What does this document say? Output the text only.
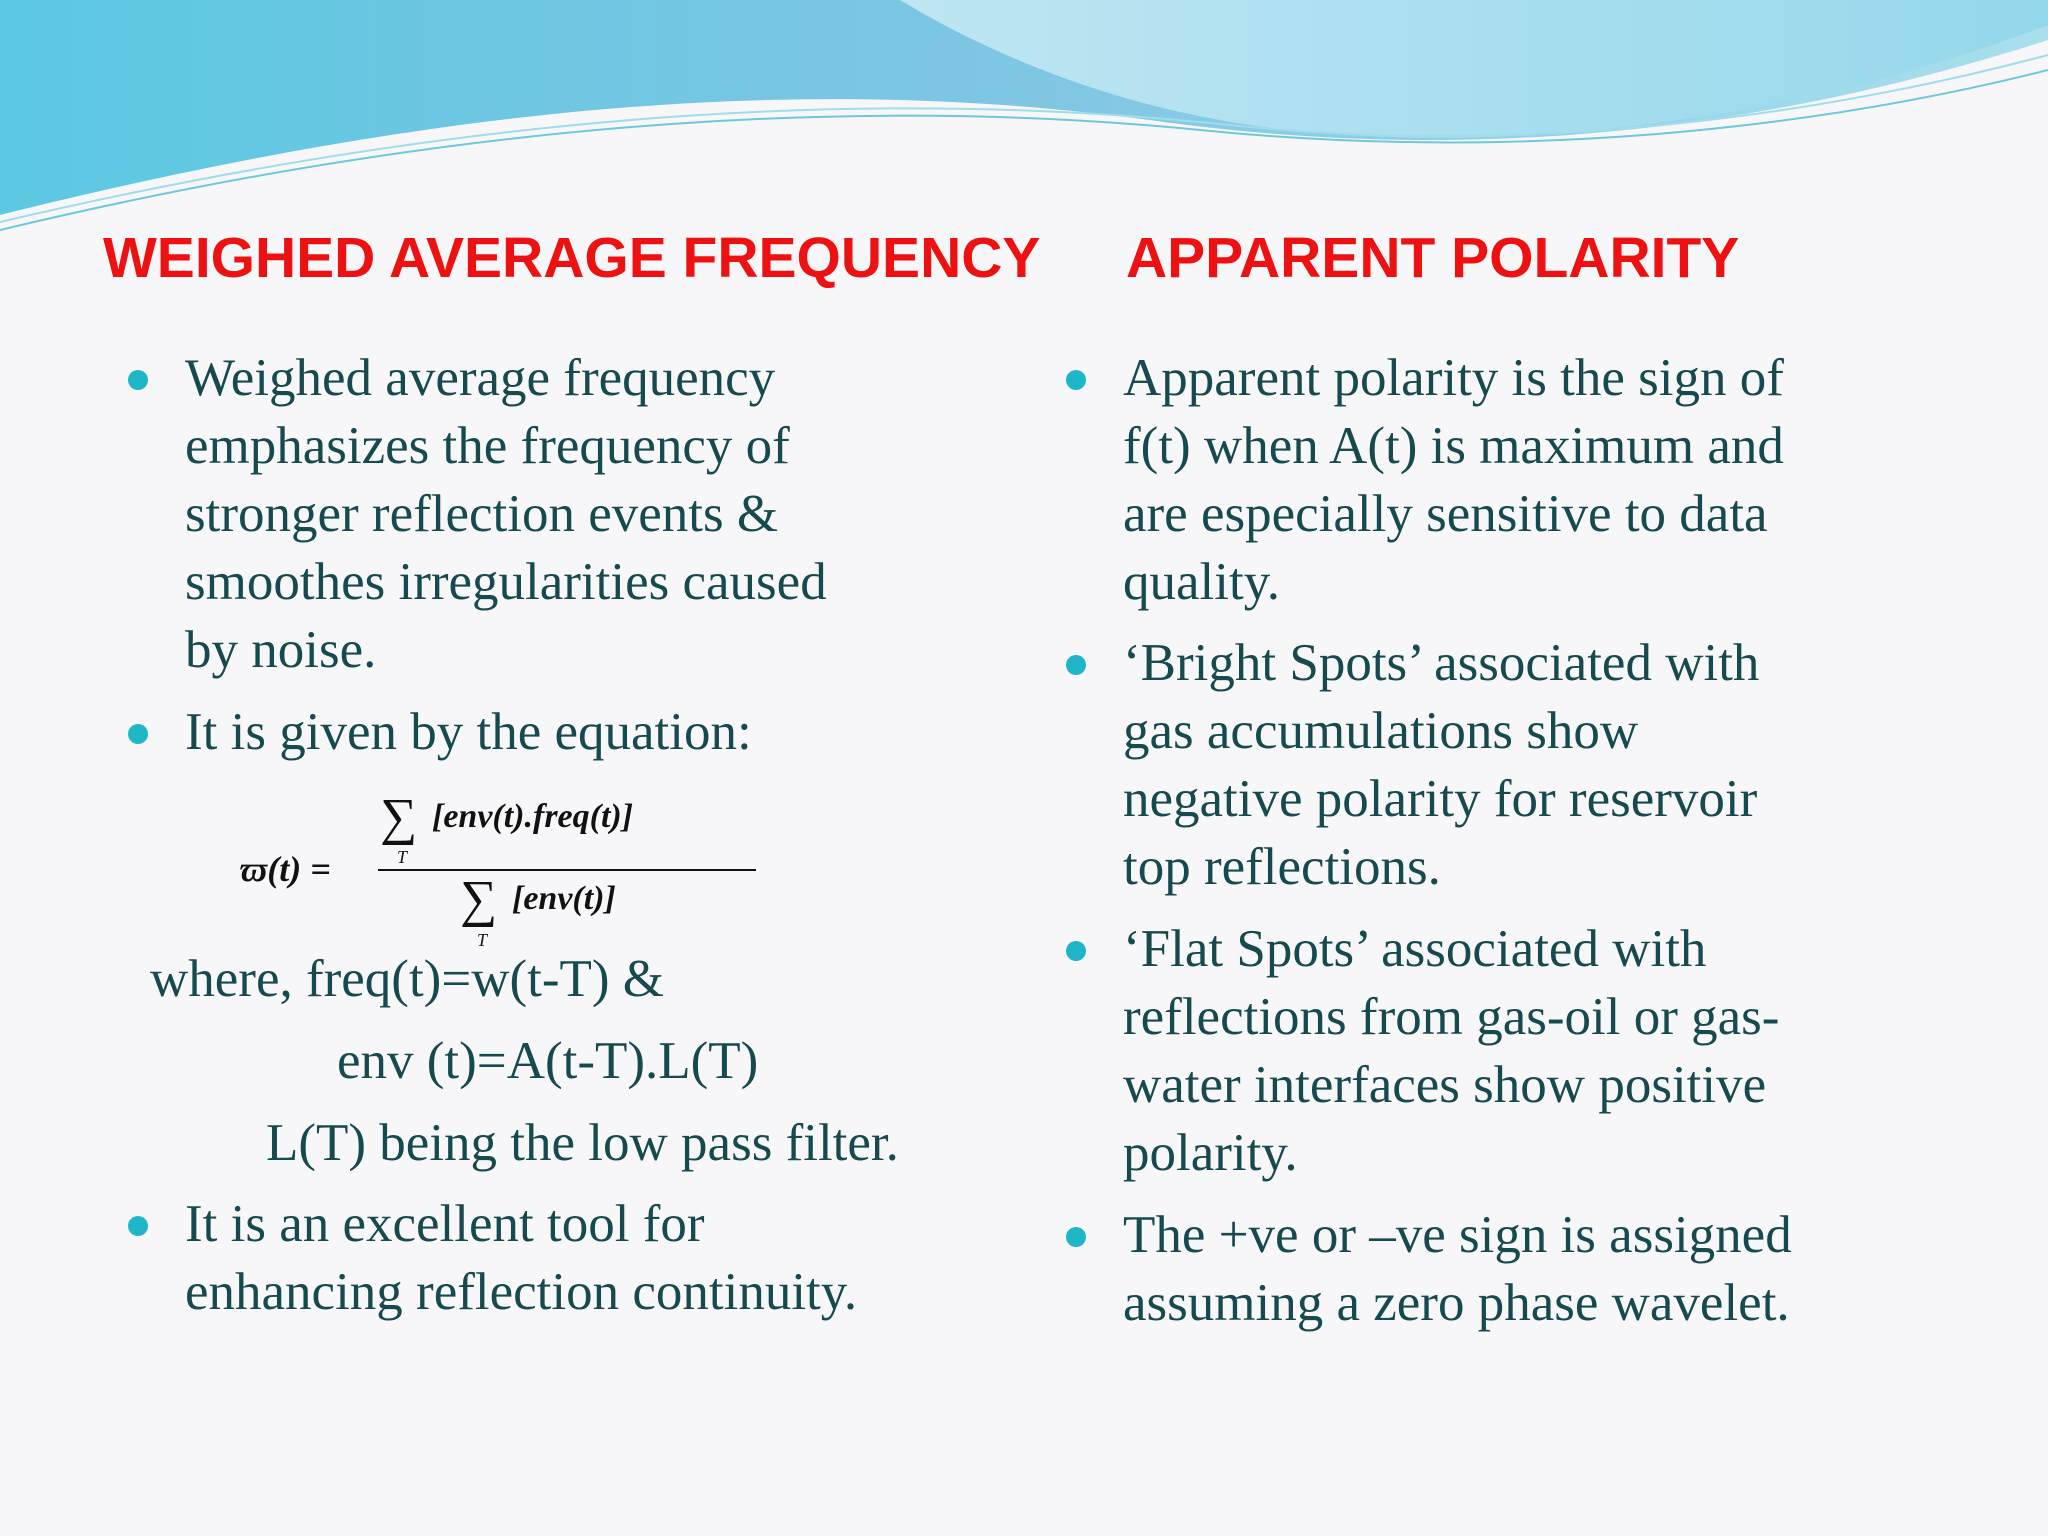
WEIGHED AVERAGE FREQUENCY APPARENT POLARITY
Weighed average frequency
emphasizes the frequency of
stronger reflection events &
smoothes irregularities caused
by noise.
It is given by the equation:
ϖ(t) =
∑
T
[env(t).freq(t)]
∑
T
[env(t)]
where, freq(t)=w(t-T) &
env (t)=A(t-T).L(T)
L(T) being the low pass filter.
It is an excellent tool for
enhancing reflection continuity.
Apparent polarity is the sign of
f(t) when A(t) is maximum and
are especially sensitive to data
quality.
‘Bright Spots’ associated with
gas accumulations show
negative polarity for reservoir
top reflections.
‘Flat Spots’ associated with
reflections from gas-oil or gas-
water interfaces show positive
polarity.
The +ve or –ve sign is assigned
assuming a zero phase wavelet.
